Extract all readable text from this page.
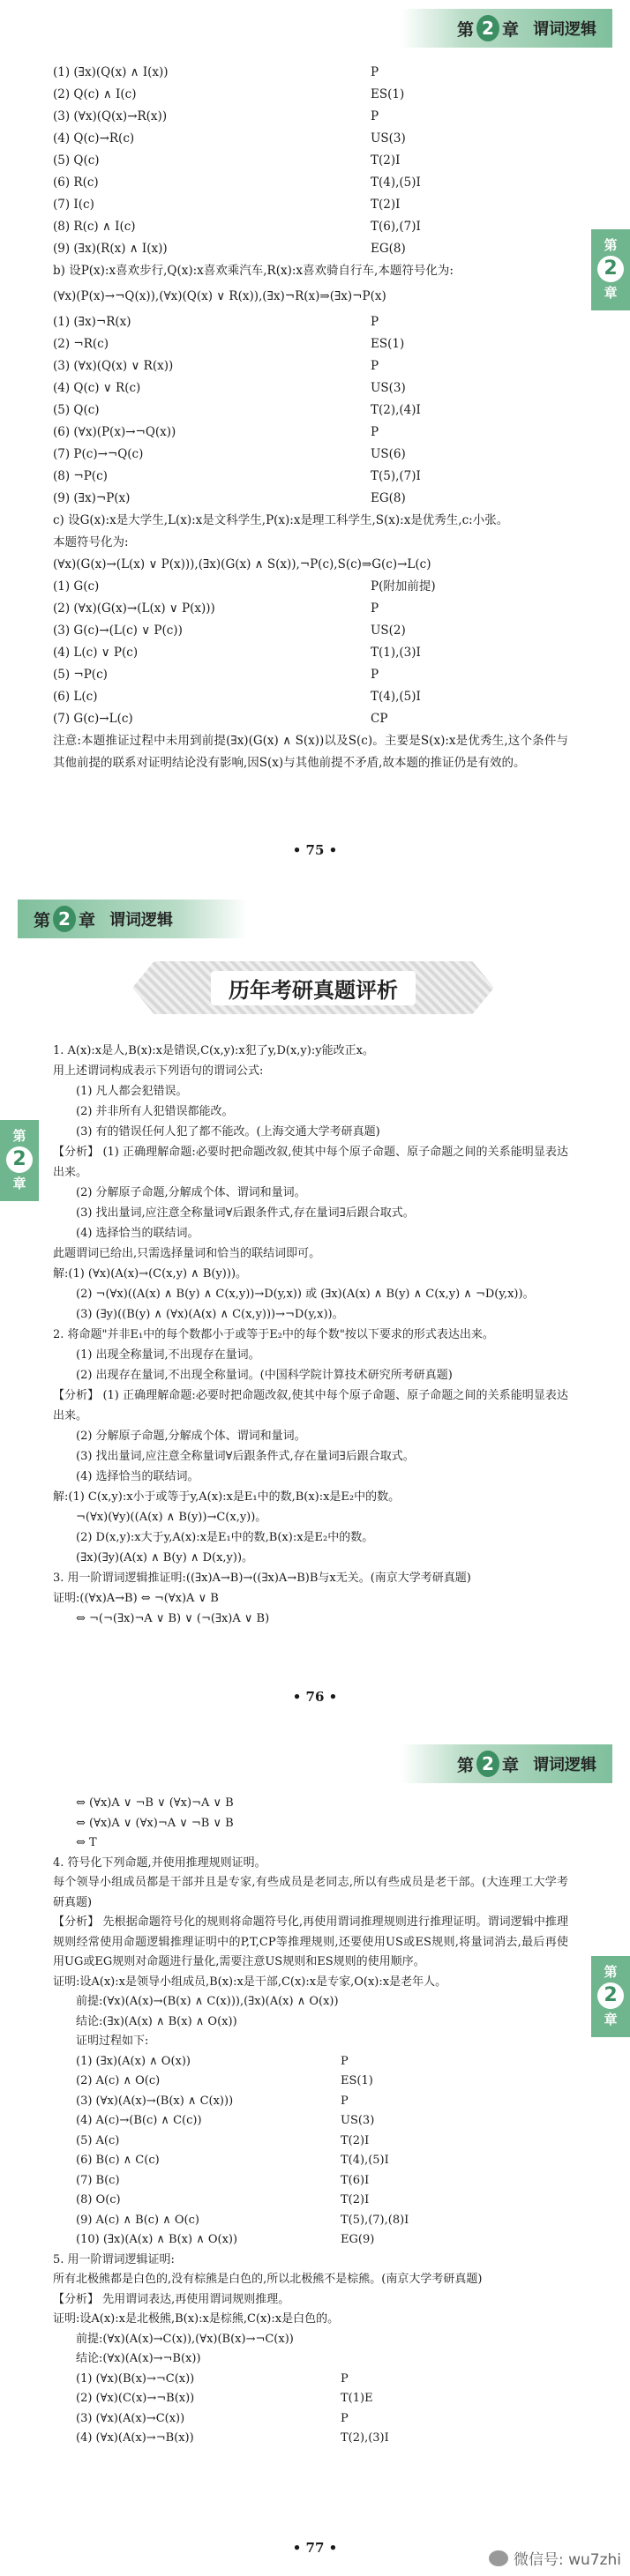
第 2 章 谓词逻辑
第
2
章
(1) (∃x)(Q(x) ∧ I(x))	P
(2) Q(c) ∧ I(c)	ES(1)
(3) (∀x)(Q(x)→R(x))	P
(4) Q(c)→R(c)	US(3)
(5) Q(c)	T(2)I
(6) R(c)	T(4),(5)I
(7) I(c)	T(2)I
(8) R(c) ∧ I(c)	T(6),(7)I
(9) (∃x)(R(x) ∧ I(x))	EG(8)
b) 设P(x):x喜欢步行,Q(x):x喜欢乘汽车,R(x):x喜欢骑自行车,本题符号化为:
(∀x)(P(x)→¬Q(x)),(∀x)(Q(x) ∨ R(x)),(∃x)¬R(x)⇒(∃x)¬P(x)
(1) (∃x)¬R(x)	P
(2) ¬R(c)	ES(1)
(3) (∀x)(Q(x) ∨ R(x))	P
(4) Q(c) ∨ R(c)	US(3)
(5) Q(c)	T(2),(4)I
(6) (∀x)(P(x)→¬Q(x))	P
(7) P(c)→¬Q(c)	US(6)
(8) ¬P(c)	T(5),(7)I
(9) (∃x)¬P(x)	EG(8)
c) 设G(x):x是大学生,L(x):x是文科学生,P(x):x是理工科学生,S(x):x是优秀生,c:小张。
本题符号化为:
(∀x)(G(x)→(L(x) ∨ P(x))),(∃x)(G(x) ∧ S(x)),¬P(c),S(c)⇒G(c)→L(c)
(1) G(c)	P(附加前提)
(2) (∀x)(G(x)→(L(x) ∨ P(x)))	P
(3) G(c)→(L(c) ∨ P(c))	US(2)
(4) L(c) ∨ P(c)	T(1),(3)I
(5) ¬P(c)	P
(6) L(c)	T(4),(5)I
(7) G(c)→L(c)	CP
注意:本题推证过程中未用到前提(∃x)(G(x) ∧ S(x))以及S(c)。主要是S(x):x是优秀生,这个条件与其他前提的联系对证明结论没有影响,因S(x)与其他前提不矛盾,故本题的推证仍是有效的。
• 75 •
第 2 章 谓词逻辑
历年考研真题评析
第
2
章
1. A(x):x是人,B(x):x是错误,C(x,y):x犯了y,D(x,y):y能改正x。
用上述谓词构成表示下列语句的谓词公式:
(1) 凡人都会犯错误。
(2) 并非所有人犯错误都能改。
(3) 有的错误任何人犯了都不能改。(上海交通大学考研真题)
【分析】 (1) 正确理解命题:必要时把命题改叙,使其中每个原子命题、原子命题之间的关系能明显表达出来。
(2) 分解原子命题,分解成个体、谓词和量词。
(3) 找出量词,应注意全称量词∀后跟条件式,存在量词∃后跟合取式。
(4) 选择恰当的联结词。
此题谓词已给出,只需选择量词和恰当的联结词即可。
解:(1) (∀x)(A(x)→(C(x,y) ∧ B(y)))。
(2) ¬(∀x)((A(x) ∧ B(y) ∧ C(x,y))→D(y,x)) 或 (∃x)(A(x) ∧ B(y) ∧ C(x,y) ∧ ¬D(y,x))。
(3) (∃y)((B(y) ∧ (∀x)(A(x) ∧ C(x,y)))→¬D(y,x))。
2. 将命题"并非E₁中的每个数都小于或等于E₂中的每个数"按以下要求的形式表达出来。
(1) 出现全称量词,不出现存在量词。
(2) 出现存在量词,不出现全称量词。(中国科学院计算技术研究所考研真题)
【分析】 (1) 正确理解命题:必要时把命题改叙,使其中每个原子命题、原子命题之间的关系能明显表达出来。
(2) 分解原子命题,分解成个体、谓词和量词。
(3) 找出量词,应注意全称量词∀后跟条件式,存在量词∃后跟合取式。
(4) 选择恰当的联结词。
解:(1) C(x,y):x小于或等于y,A(x):x是E₁中的数,B(x):x是E₂中的数。
¬(∀x)(∀y)((A(x) ∧ B(y))→C(x,y))。
(2) D(x,y):x大于y,A(x):x是E₁中的数,B(x):x是E₂中的数。
(∃x)(∃y)(A(x) ∧ B(y) ∧ D(x,y))。
3. 用一阶谓词逻辑推证明:((∃x)A→B)→((∃x)A→B)B与x无关。(南京大学考研真题)
证明:((∀x)A→B) ⇔ ¬(∀x)A ∨ B
⇔ ¬(¬(∃x)¬A ∨ B) ∨ (¬(∃x)A ∨ B)
• 76 •
第 2 章 谓词逻辑
第
2
章
⇔ (∀x)A ∨ ¬B ∨ (∀x)¬A ∨ B
⇔ (∀x)A ∨ (∀x)¬A ∨ ¬B ∨ B
⇔ T
4. 符号化下列命题,并使用推理规则证明。
每个领导小组成员都是干部并且是专家,有些成员是老同志,所以有些成员是老干部。(大连理工大学考研真题)
【分析】 先根据命题符号化的规则将命题符号化,再使用谓词推理规则进行推理证明。谓词逻辑中推理规则经常使用命题逻辑推理证明中的P,T,CP等推理规则,还要使用US或ES规则,将量词消去,最后再使用UG或EG规则对命题进行量化,需要注意US规则和ES规则的使用顺序。
证明:设A(x):x是领导小组成员,B(x):x是干部,C(x):x是专家,O(x):x是老年人。
前提:(∀x)(A(x)→(B(x) ∧ C(x))),(∃x)(A(x) ∧ O(x))
结论:(∃x)(A(x) ∧ B(x) ∧ O(x))
证明过程如下:
(1) (∃x)(A(x) ∧ O(x))	P
(2) A(c) ∧ O(c)	ES(1)
(3) (∀x)(A(x)→(B(x) ∧ C(x)))	P
(4) A(c)→(B(c) ∧ C(c))	US(3)
(5) A(c)	T(2)I
(6) B(c) ∧ C(c)	T(4),(5)I
(7) B(c)	T(6)I
(8) O(c)	T(2)I
(9) A(c) ∧ B(c) ∧ O(c)	T(5),(7),(8)I
(10) (∃x)(A(x) ∧ B(x) ∧ O(x))	EG(9)
5. 用一阶谓词逻辑证明:
所有北极熊都是白色的,没有棕熊是白色的,所以北极熊不是棕熊。(南京大学考研真题)
【分析】 先用谓词表达,再使用谓词规则推理。
证明:设A(x):x是北极熊,B(x):x是棕熊,C(x):x是白色的。
前提:(∀x)(A(x)→C(x)),(∀x)(B(x)→¬C(x))
结论:(∀x)(A(x)→¬B(x))
(1) (∀x)(B(x)→¬C(x))	P
(2) (∀x)(C(x)→¬B(x))	T(1)E
(3) (∀x)(A(x)→C(x))	P
(4) (∀x)(A(x)→¬B(x))	T(2),(3)I
• 77 •
微信号: wu7zhi
